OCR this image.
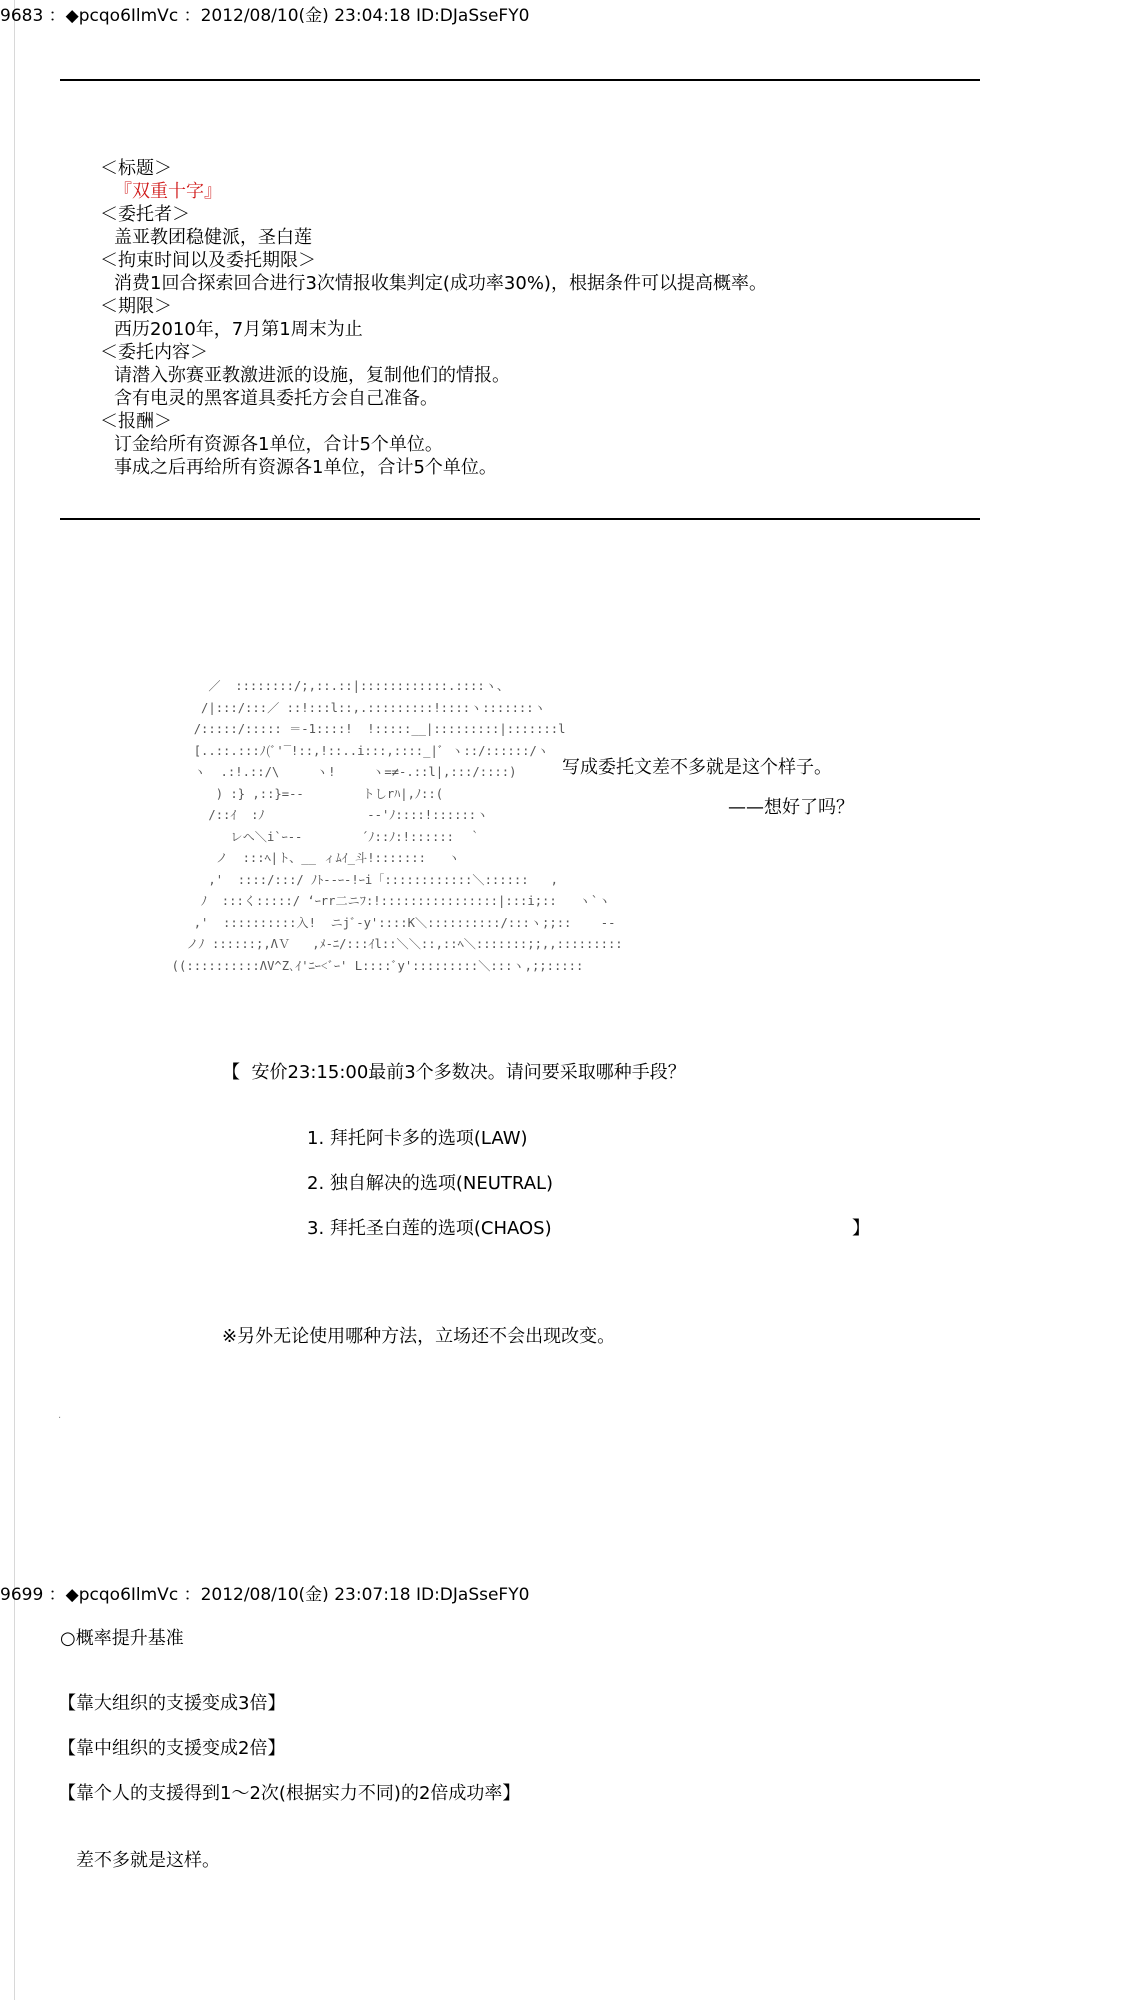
9683 ：◆pcqo6IlmVc ：2012/08/10(金) 23:04:18 ID:DJaSseFY0
＜标题＞
『双重十字』
＜委托者＞
盖亚教团稳健派，圣白莲
＜拘束时间以及委托期限＞
消费1回合探索回合进行3次情报收集判定(成功率30%)，根据条件可以提高概率。
＜期限＞
西历2010年，7月第1周末为止
＜委托内容＞
请潜入弥赛亚教激进派的设施，复制他们的情报。
含有电灵的黑客道具委托方会自己准备。
＜报酬＞
订金给所有资源各1单位，合计5个单位。
事成之后再给所有资源各1单位，合计5个单位。
／  ::::::::/;,::.::|::::::::::::.::::ヽ、
/|:::/:::／ ::!:::l::,.:::::::::!::::ヽ:::::::ヽ
/:::::/::::: ＝-1::::!  !:::::__|:::::::::|:::::::l
[..::.:::ﾉ(ﾞ'‾!::,!::..i:::,::::_|ﾞ ヽ::/::::::/ヽ
ヽ  .:!.::/\     ヽ!     ヽ=≠-.::l|,:::/::::)
) :} ,::}=-‐        トしrﾊ|,ﾉ::(
/::ｲ  :ﾉ              ‐‐'ﾉ::::!::::::ヽ
レヘ＼i`ｰ‐‐        ´ﾉ::ﾉ:!::::::  ｀
ノ  :::ﾍ|ト、__ ィﾑｲ_斗!:::::::   ヽ
,'  ::::/:::/ ﾉﾄ‐‐ｰ‐!ｰi「::::::::::::＼::::::   ,
ﾉ  :::く:::::/ ‘ｰrr二ニﾌ:!::::::::::::::::|:::i;::   ヽ`ヽ
,'  ::::::::::入!  ニjﾞ‐y'::::K＼::::::::::/:::ヽ;;::    ‐‐
ノﾉ ::::::;,ΛＶ   ,ﾒ-ﾆ/:::ｲl::＼＼::,::ﾍ＼:::::::;;,,:::::::::
((::::::::::ΛV^Z､ｲ'ﾆｰ<ﾞｰ' L::::ﾞy':::::::::＼:::ヽ,;;:::::
写成委托文差不多就是这个样子。
——想好了吗？
【  安价23:15:00最前3个多数决。请问要采取哪种手段？
1. 拜托阿卡多的选项(LAW)
2. 独自解决的选项(NEUTRAL)
3. 拜托圣白莲的选项(CHAOS)	】
※另外无论使用哪种方法，立场还不会出现改变。
.
9699 ：◆pcqo6IlmVc ：2012/08/10(金) 23:07:18 ID:DJaSseFY0
○概率提升基准
【靠大组织的支援变成3倍】
【靠中组织的支援变成2倍】
【靠个人的支援得到1～2次(根据实力不同)的2倍成功率】
差不多就是这样。
